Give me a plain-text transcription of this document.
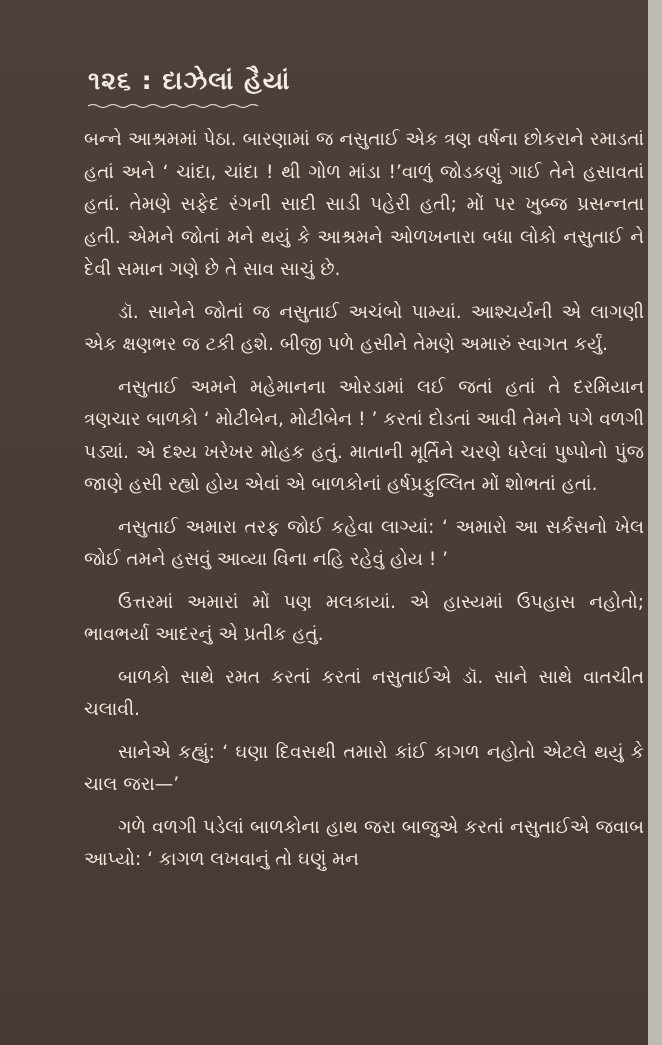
૧૨૬ : દાઝેલાં હૈયાં

બન્ને આશ્રમમાં પેઠા. બારણામાં જ નસુતાઈ એક ત્રણ વર્ષના છોકરાને રમાડતાં હતાં અને ‘ ચાંદા, ચાંદા ! થી ગોળ માંડા !’વાળું જોડકણું ગાઈ તેને હસાવતાં હતાં. તેમણે સફેદ રંગની સાદી સાડી પહેરી હતી; મોં પર ખુબ્જ પ્રસન્નતા હતી. એમને જોતાં મને થયું કે આશ્રમને ઓળખનારા બધા લોકો નસુતાઈ ને દેવી સમાન ગણે છે તે સાવ સાચું છે.

ડૉ. સાનેને જોતાં જ નસુતાઈ અચંબો પામ્યાં. આશ્ચર્યની એ લાગણી એક ક્ષણભર જ ટકી હશે. બીજી પળે હસીને તેમણે અમારું સ્વાગત કર્યું.

નસુતાઈ અમને મહેમાનના ઓરડામાં લઈ જતાં હતાં તે દરમિયાન ત્રણચાર બાળકો ‘ મોટીબેન, મોટીબેન ! ’ કરતાં દોડતાં આવી તેમને પગે વળગી પડ્યાં. એ દશ્ય ખરેખર મોહક હતું. માતાની મૂર્તિને ચરણે ધરેલાં પુષ્પોનો પુંજ જાણે હસી રહ્યો હોય એવાં એ બાળકોનાં હર્ષપ્રફુલ્લિત મોં શોભતાં હતાં.

નસુતાઈ અમારા તરફ જોઈ કહેવા લાગ્યાં: ‘ અમારો આ સર્કસનો ખેલ જોઈ તમને હસવું આવ્યા વિના નહિ રહેવું હોય ! ’

ઉત્તરમાં અમારાં મોં પણ મલકાયાં. એ હાસ્યમાં ઉપહાસ નહોતો; ભાવભર્યા આદરનું એ પ્રતીક હતું.

બાળકો સાથે રમત કરતાં કરતાં નસુતાઈએ ડૉ. સાને સાથે વાતચીત ચલાવી.

સાનેએ કહ્યું: ‘ ઘણા દિવસથી તમારો કાંઈ કાગળ નહોતો એટલે થયું કે ચાલ જરા—’

ગળે વળગી પડેલાં બાળકોના હાથ જરા બાજુએ કરતાં નસુતાઈએ જવાબ આપ્યો: ‘ કાગળ લખવાનું તો ઘણું મન
